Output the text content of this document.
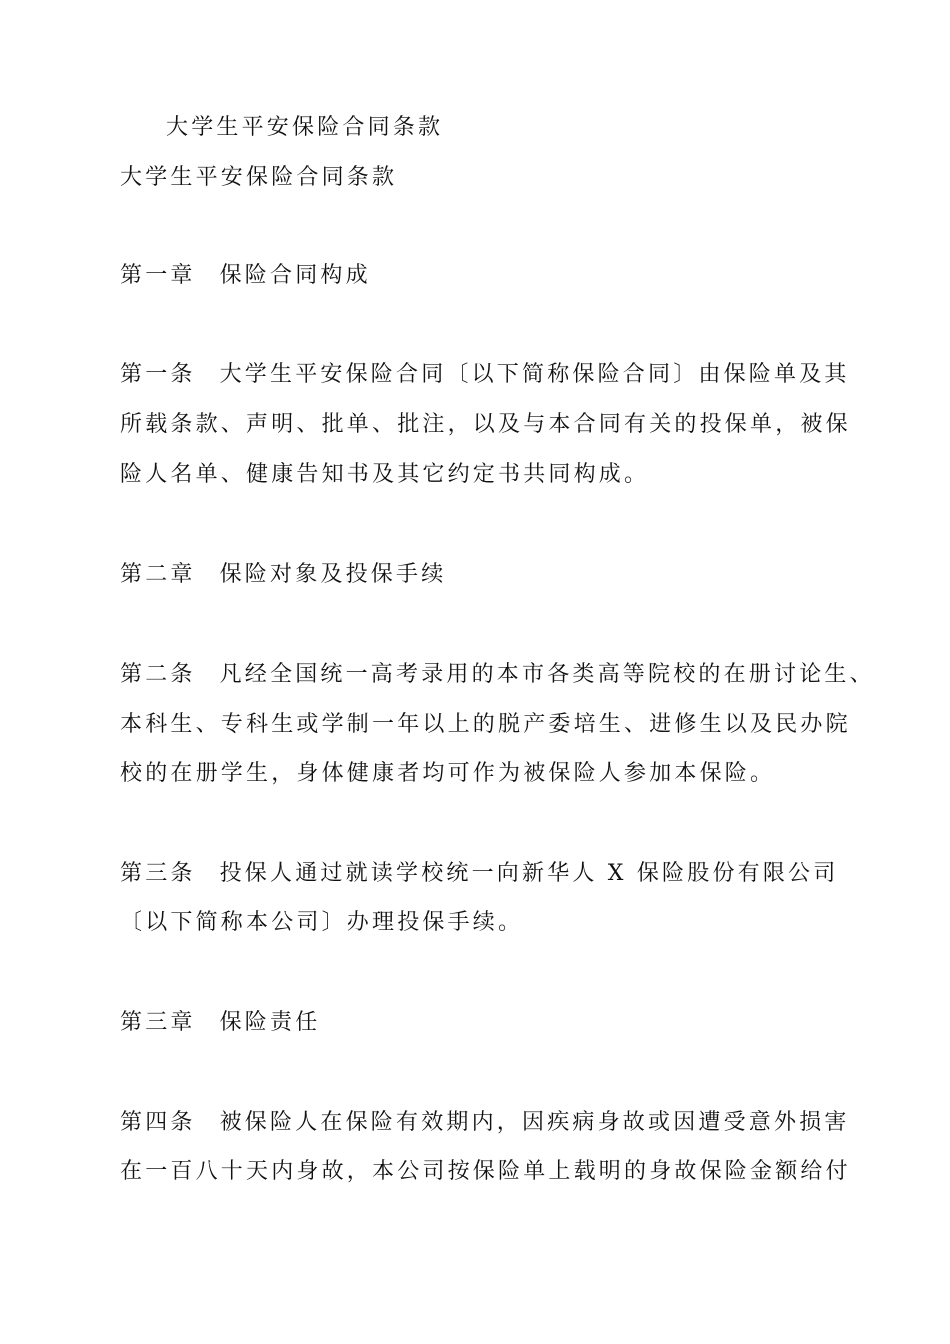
大学生平安保险合同条款
大学生平安保险合同条款
第一章 保险合同构成
第一条 大学生平安保险合同〔以下简称保险合同〕由保险单及其
所载条款、声明、批单、批注，以及与本合同有关的投保单，被保
险人名单、健康告知书及其它约定书共同构成。
第二章 保险对象及投保手续
第二条 凡经全国统一高考录用的本市各类高等院校的在册讨论生、
本科生、专科生或学制一年以上的脱产委培生、进修生以及民办院
校的在册学生，身体健康者均可作为被保险人参加本保险。
第三条 投保人通过就读学校统一向新华人 X 保险股份有限公司
〔以下简称本公司〕办理投保手续。
第三章 保险责任
第四条 被保险人在保险有效期内，因疾病身故或因遭受意外损害
在一百八十天内身故，本公司按保险单上载明的身故保险金额给付
